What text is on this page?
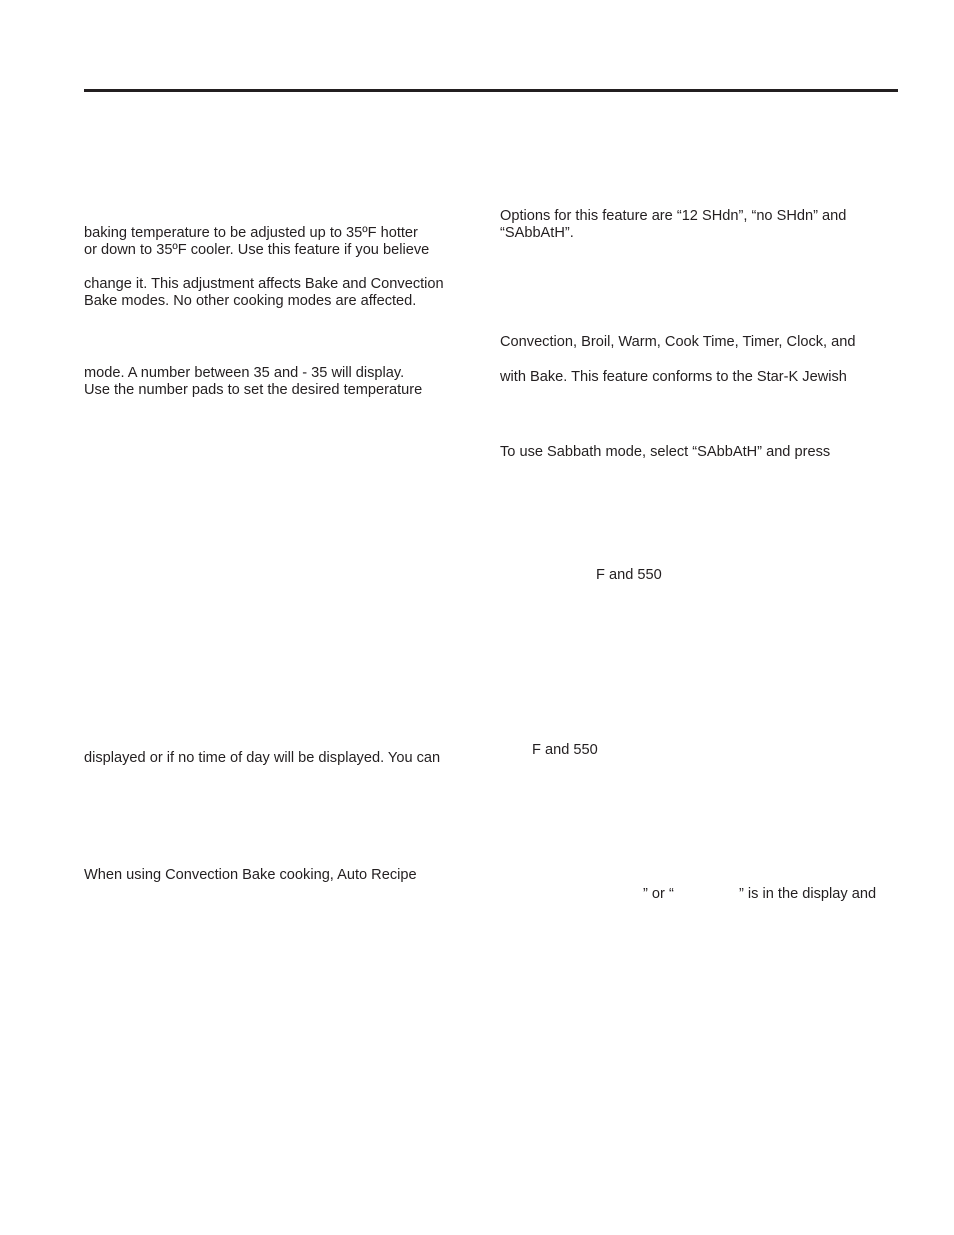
baking temperature to be adjusted up to 35ºF hotter

or down to 35ºF cooler. Use this feature if you believe

change it. This adjustment affects Bake and Convection

Bake modes. No other cooking modes are affected.

mode. A number between 35 and - 35 will display.

Use the number pads to set the desired temperature

displayed or if no time of day will be displayed. You can

When using Convection Bake cooking, Auto Recipe

Options for this feature are “12 SHdn”, “no SHdn” and

“SAbbAtH”.

Convection, Broil, Warm, Cook Time, Timer, Clock, and

with Bake. This feature conforms to the Star-K Jewish

To use Sabbath mode, select “SAbbAtH” and press

F and 550

F and 550

” or “	” is in the display and
